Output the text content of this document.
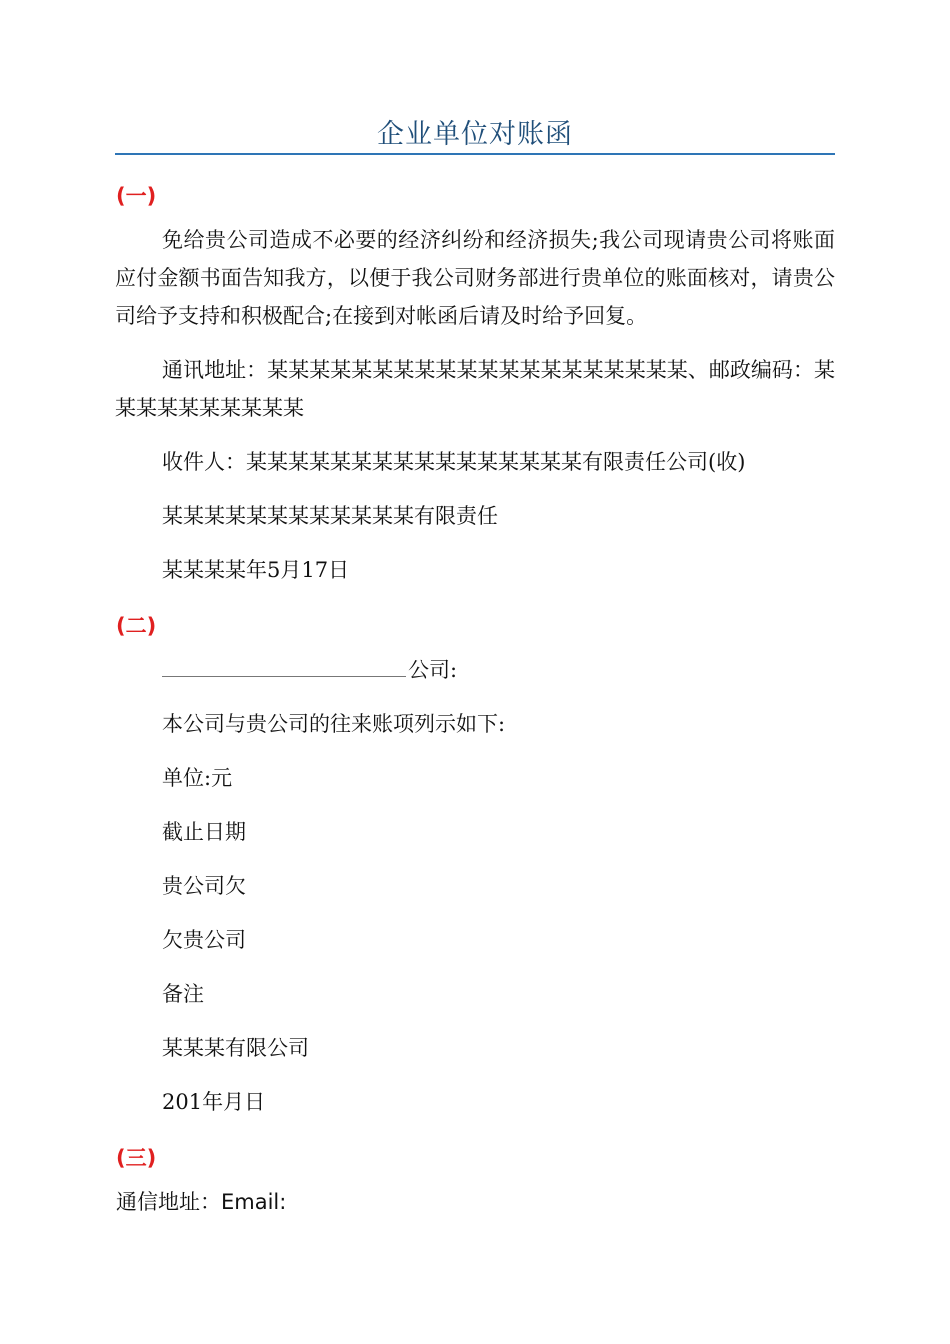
企业单位对账函
(一)
免给贵公司造成不必要的经济纠纷和经济损失;我公司现请贵公司将账面应付金额书面告知我方，以便于我公司财务部进行贵单位的账面核对，请贵公司给予支持和积极配合;在接到对帐函后请及时给予回复。
通讯地址：某某某某某某某某某某某某某某某某某某某某、邮政编码：某某某某某某某某某某
收件人：某某某某某某某某某某某某某某某某有限责任公司(收)
某某某某某某某某某某某某有限责任
某某某某年5月17日
(二)
公司:
本公司与贵公司的往来账项列示如下:
单位:元
截止日期
贵公司欠
欠贵公司
备注
某某某有限公司
201年月日
(三)
通信地址：Email:
